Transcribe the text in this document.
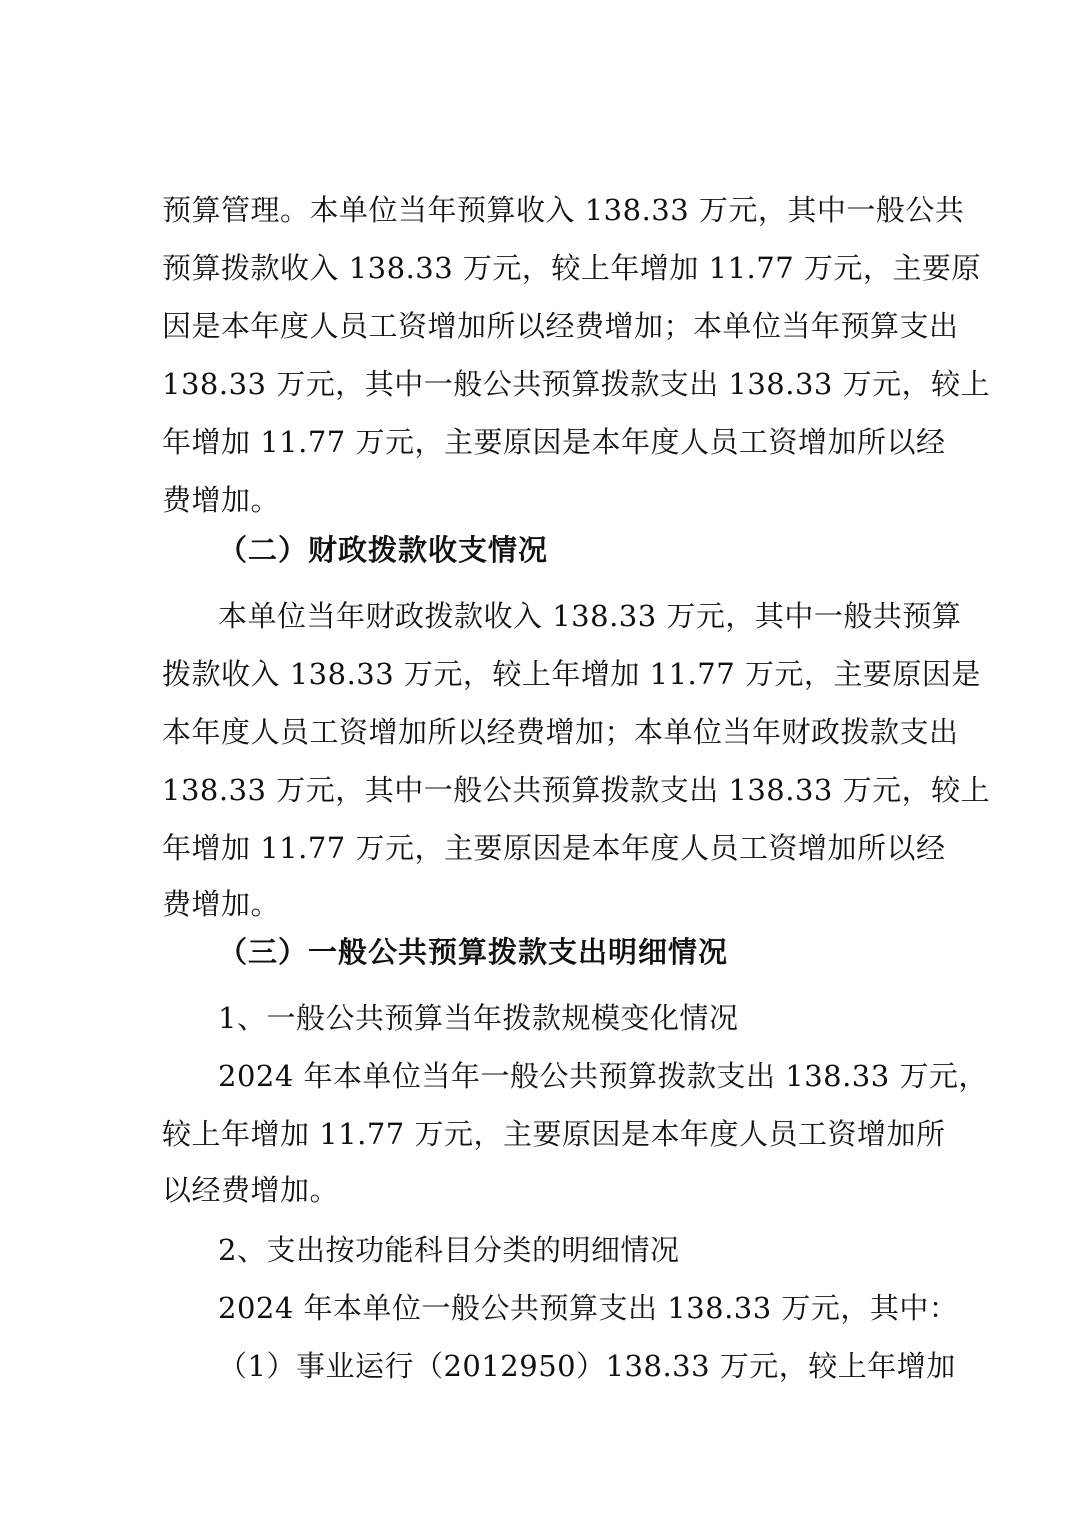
预算管理。本单位当年预算收入 138.33 万元，其中一般公共
预算拨款收入 138.33 万元，较上年增加 11.77 万元，主要原
因是本年度人员工资增加所以经费增加；本单位当年预算支出
138.33 万元，其中一般公共预算拨款支出 138.33 万元，较上
年增加 11.77 万元，主要原因是本年度人员工资增加所以经
费增加。
（二）财政拨款收支情况
本单位当年财政拨款收入 138.33 万元，其中一般共预算
拨款收入 138.33 万元，较上年增加 11.77 万元，主要原因是
本年度人员工资增加所以经费增加；本单位当年财政拨款支出
138.33 万元，其中一般公共预算拨款支出 138.33 万元，较上
年增加 11.77 万元，主要原因是本年度人员工资增加所以经
费增加。
（三）一般公共预算拨款支出明细情况
1、一般公共预算当年拨款规模变化情况
2024 年本单位当年一般公共预算拨款支出 138.33 万元，
较上年增加 11.77 万元，主要原因是本年度人员工资增加所
以经费增加。
2、支出按功能科目分类的明细情况
2024 年本单位一般公共预算支出 138.33 万元，其中：
（1）事业运行（2012950）138.33 万元，较上年增加
